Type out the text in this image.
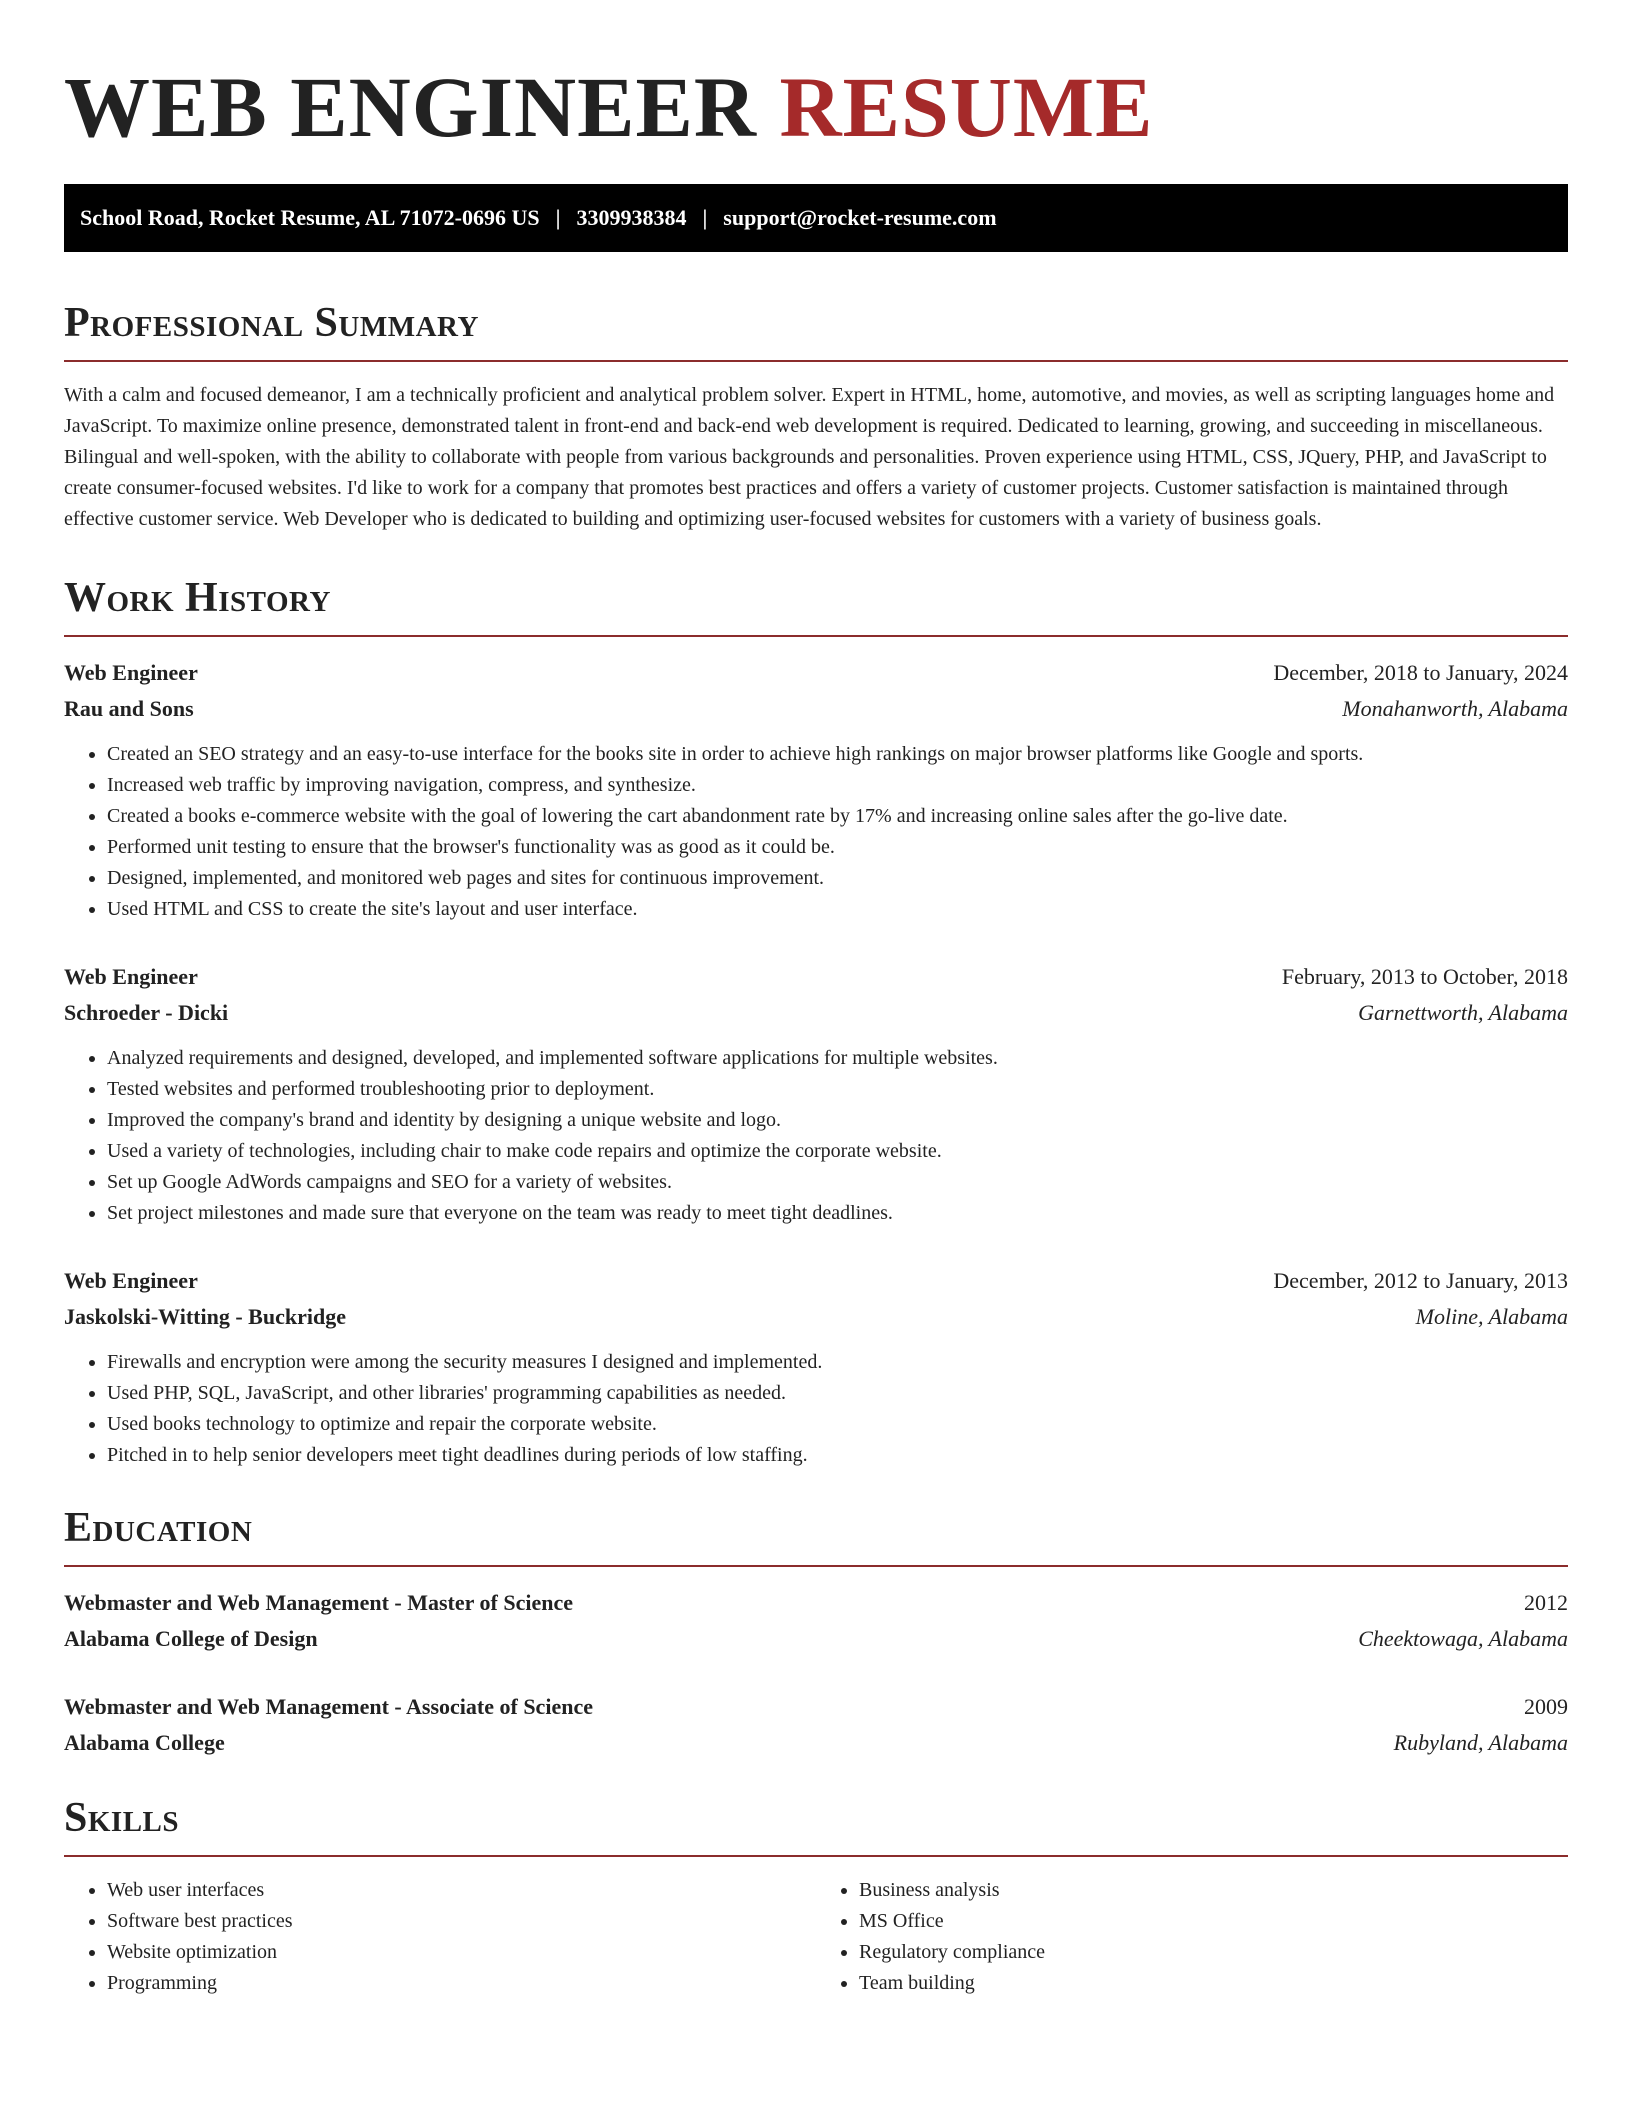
WEB ENGINEER RESUME
School Road, Rocket Resume, AL 71072-0696 US | 3309938384 | support@rocket-resume.com
Professional Summary

With a calm and focused demeanor, I am a technically proficient and analytical problem solver. Expert in HTML, home, automotive, and movies, as well as scripting languages home and JavaScript. To maximize online presence, demonstrated talent in front-end and back-end web development is required. Dedicated to learning, growing, and succeeding in miscellaneous. Bilingual and well-spoken, with the ability to collaborate with people from various backgrounds and personalities. Proven experience using HTML, CSS, JQuery, PHP, and JavaScript to create consumer-focused websites. I'd like to work for a company that promotes best practices and offers a variety of customer projects. Customer satisfaction is maintained through effective customer service. Web Developer who is dedicated to building and optimizing user-focused websites for customers with a variety of business goals.

Work History
Web Engineer	December, 2018 to January, 2024
Rau and Sons	Monahanworth, Alabama
• Created an SEO strategy and an easy-to-use interface for the books site in order to achieve high rankings on major browser platforms like Google and sports.
• Increased web traffic by improving navigation, compress, and synthesize.
• Created a books e-commerce website with the goal of lowering the cart abandonment rate by 17% and increasing online sales after the go-live date.
• Performed unit testing to ensure that the browser's functionality was as good as it could be.
• Designed, implemented, and monitored web pages and sites for continuous improvement.
• Used HTML and CSS to create the site's layout and user interface.
Web Engineer	February, 2013 to October, 2018
Schroeder - Dicki	Garnettworth, Alabama
• Analyzed requirements and designed, developed, and implemented software applications for multiple websites.
• Tested websites and performed troubleshooting prior to deployment.
• Improved the company's brand and identity by designing a unique website and logo.
• Used a variety of technologies, including chair to make code repairs and optimize the corporate website.
• Set up Google AdWords campaigns and SEO for a variety of websites.
• Set project milestones and made sure that everyone on the team was ready to meet tight deadlines.
Web Engineer	December, 2012 to January, 2013
Jaskolski-Witting - Buckridge	Moline, Alabama
• Firewalls and encryption were among the security measures I designed and implemented.
• Used PHP, SQL, JavaScript, and other libraries' programming capabilities as needed.
• Used books technology to optimize and repair the corporate website.
• Pitched in to help senior developers meet tight deadlines during periods of low staffing.
Education
Webmaster and Web Management - Master of Science	2012
Alabama College of Design	Cheektowaga, Alabama
Webmaster and Web Management - Associate of Science	2009
Alabama College	Rubyland, Alabama
Skills
• Web user interfaces
• Software best practices
• Website optimization
• Programming
• Business analysis
• MS Office
• Regulatory compliance
• Team building
